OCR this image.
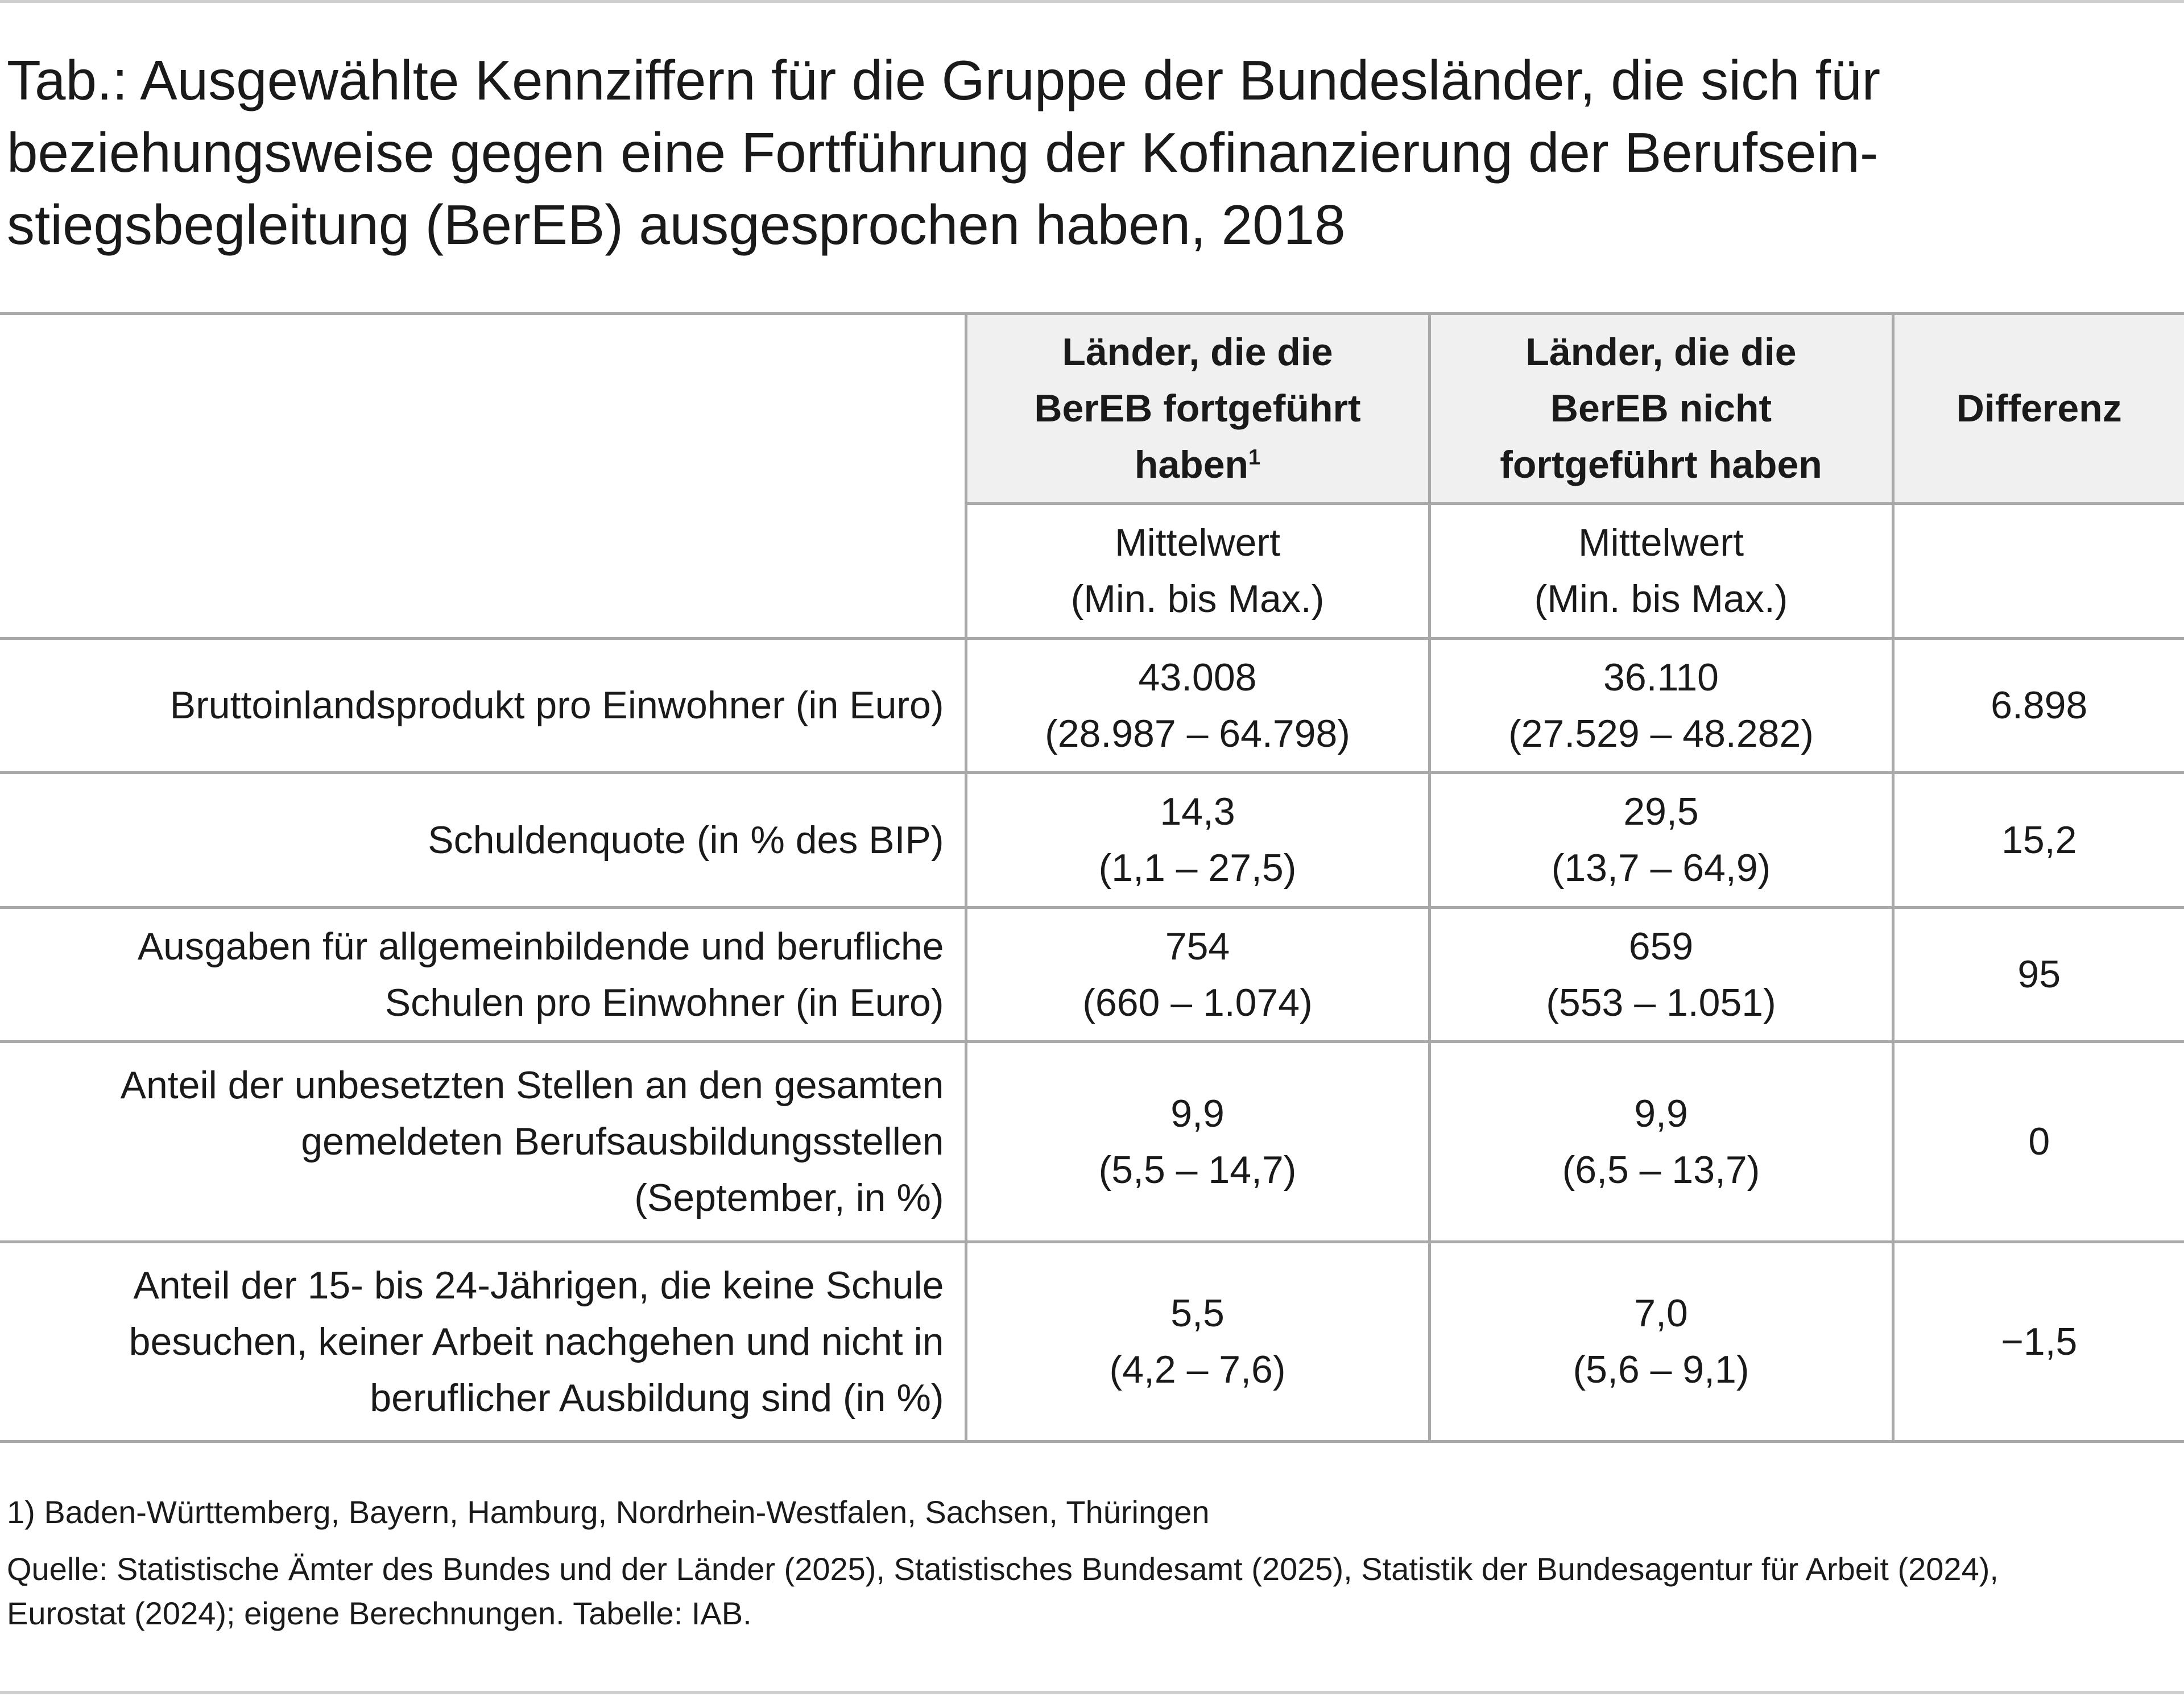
Tab.: Ausgewählte Kennziffern für die Gruppe der Bundesländer, die sich für
beziehungsweise gegen eine Fortführung der Kofinanzierung der Berufsein-
stiegsbegleitung (BerEB) ausgesprochen haben, 2018

	Länder, die die
BerEB fortgeführt
haben$^1$	Länder, die die
BerEB nicht
fortgeführt haben	Differenz

	Mittelwert
(Min. bis Max.)	Mittelwert
(Min. bis Max.)	

Bruttoinlandsprodukt pro Einwohner (in Euro)	43.008
(28.987 – 64.798)	36.110
(27.529 – 48.282)	6.898

Schuldenquote (in % des BIP)	14,3
(1,1 – 27,5)	29,5
(13,7 – 64,9)	15,2

Ausgaben für allgemeinbildende und berufliche
Schulen pro Einwohner (in Euro)	754
(660 – 1.074)	659
(553 – 1.051)	95

Anteil der unbesetzten Stellen an den gesamten
gemeldeten Berufsausbildungsstellen
(September, in %)	9,9
(5,5 – 14,7)	9,9
(6,5 – 13,7)	0

Anteil der 15- bis 24-Jährigen, die keine Schule
besuchen, keiner Arbeit nachgehen und nicht in
beruflicher Ausbildung sind (in %)	5,5
(4,2 – 7,6)	7,0
(5,6 – 9,1)	−1,5

1) Baden-Württemberg, Bayern, Hamburg, Nordrhein-Westfalen, Sachsen, Thüringen

Quelle: Statistische Ämter des Bundes und der Länder (2025), Statistisches Bundesamt (2025), Statistik der Bundesagentur für Arbeit (2024),
Eurostat (2024); eigene Berechnungen. Tabelle: IAB.
